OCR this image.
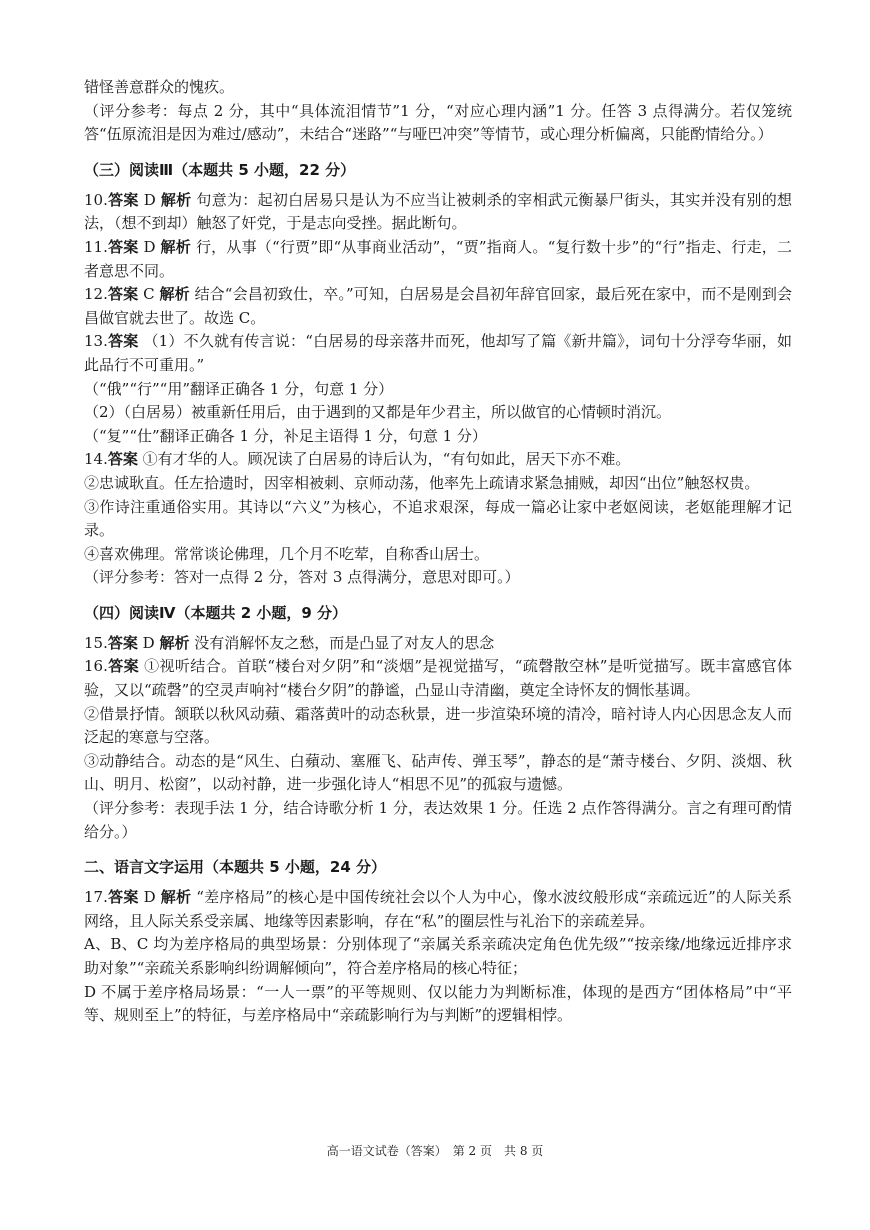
错怪善意群众的愧疚。

（评分参考：每点 2 分，其中“具体流泪情节”1 分，“对应心理内涵”1 分。任答 3 点得满分。若仅笼统答“伍原流泪是因为难过/感动”，未结合“迷路”“与哑巴冲突”等情节，或心理分析偏离，只能酌情给分。）

（三）阅读Ⅲ（本题共 5 小题，22 分）

10.答案 D 解析 句意为：起初白居易只是认为不应当让被刺杀的宰相武元衡暴尸街头，其实并没有别的想法，（想不到却）触怒了奸党，于是志向受挫。据此断句。

11.答案 D 解析 行，从事（“行贾”即“从事商业活动”，“贾”指商人。“复行数十步”的“行”指走、行走，二者意思不同。

12.答案 C 解析 结合“会昌初致仕，卒。”可知，白居易是会昌初年辞官回家，最后死在家中，而不是刚到会昌做官就去世了。故选 C。

13.答案 （1）不久就有传言说：“白居易的母亲落井而死，他却写了篇《新井篇》，词句十分浮夸华丽，如此品行不可重用。”

（“俄”“行”“用”翻译正确各 1 分，句意 1 分）

（2）（白居易）被重新任用后，由于遇到的又都是年少君主，所以做官的心情顿时消沉。

（“复”“仕”翻译正确各 1 分，补足主语得 1 分，句意 1 分）

14.答案 ①有才华的人。顾况读了白居易的诗后认为，“有句如此，居天下亦不难。

②忠诚耿直。任左拾遗时，因宰相被刺、京师动荡，他率先上疏请求紧急捕贼，却因“出位”触怒权贵。

③作诗注重通俗实用。其诗以“六义”为核心，不追求艰深，每成一篇必让家中老妪阅读，老妪能理解才记录。

④喜欢佛理。常常谈论佛理，几个月不吃荤，自称香山居士。

（评分参考：答对一点得 2 分，答对 3 点得满分，意思对即可。）

（四）阅读Ⅳ（本题共 2 小题，9 分）

15.答案 D 解析 没有消解怀友之愁，而是凸显了对友人的思念

16.答案 ①视听结合。首联“楼台对夕阴”和“淡烟”是视觉描写，“疏磬散空林”是听觉描写。既丰富感官体验，又以“疏磬”的空灵声响衬“楼台夕阴”的静谧，凸显山寺清幽，奠定全诗怀友的惆怅基调。

②借景抒情。颔联以秋风动蘋、霜落黄叶的动态秋景，进一步渲染环境的清冷，暗衬诗人内心因思念友人而泛起的寒意与空落。

③动静结合。动态的是“风生、白蘋动、塞雁飞、砧声传、弹玉琴”，静态的是“萧寺楼台、夕阴、淡烟、秋山、明月、松窗”，以动衬静，进一步强化诗人“相思不见”的孤寂与遗憾。

（评分参考：表现手法 1 分，结合诗歌分析 1 分，表达效果 1 分。任选 2 点作答得满分。言之有理可酌情给分。）

二、语言文字运用（本题共 5 小题，24 分）

17.答案 D 解析 “差序格局”的核心是中国传统社会以个人为中心，像水波纹般形成“亲疏远近”的人际关系网络，且人际关系受亲属、地缘等因素影响，存在“私”的圈层性与礼治下的亲疏差异。

A、B、C 均为差序格局的典型场景：分别体现了“亲属关系亲疏决定角色优先级”“按亲缘/地缘远近排序求助对象”“亲疏关系影响纠纷调解倾向”，符合差序格局的核心特征；

D 不属于差序格局场景：“一人一票”的平等规则、仅以能力为判断标准，体现的是西方“团体格局”中“平等、规则至上”的特征，与差序格局中“亲疏影响行为与判断”的逻辑相悖。

高一语文试卷（答案）　第 2 页　共 8 页
